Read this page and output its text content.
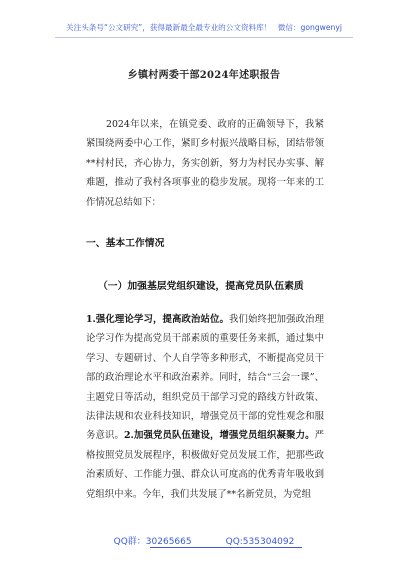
关注头条号“公文研究”，获得最新最全最专业的公文资料库！ 微信：gongwenyj
乡镇村两委干部2024年述职报告
2024年以来，在镇党委、政府的正确领导下，我紧紧围绕两委中心工作，紧盯乡村振兴战略目标，团结带领**村村民，齐心协力，务实创新，努力为村民办实事、解难题，推动了我村各项事业的稳步发展。现将一年来的工作情况总结如下：
一、基本工作情况
（一）加强基层党组织建设，提高党员队伍素质
1.强化理论学习，提高政治站位。我们始终把加强政治理论学习作为提高党员干部素质的重要任务来抓，通过集中学习、专题研讨、个人自学等多种形式，不断提高党员干部的政治理论水平和政治素养。同时，结合“三会一课”、主题党日等活动，组织党员干部学习党的路线方针政策、法律法规和农业科技知识，增强党员干部的党性观念和服务意识。2.加强党员队伍建设，增强党员组织凝聚力。严格按照党员发展程序，积极做好党员发展工作，把那些政治素质好、工作能力强、群众认可度高的优秀青年吸收到党组织中来。今年，我们共发展了**名新党员，为党组
QQ群：30265665	QQ:535304092
